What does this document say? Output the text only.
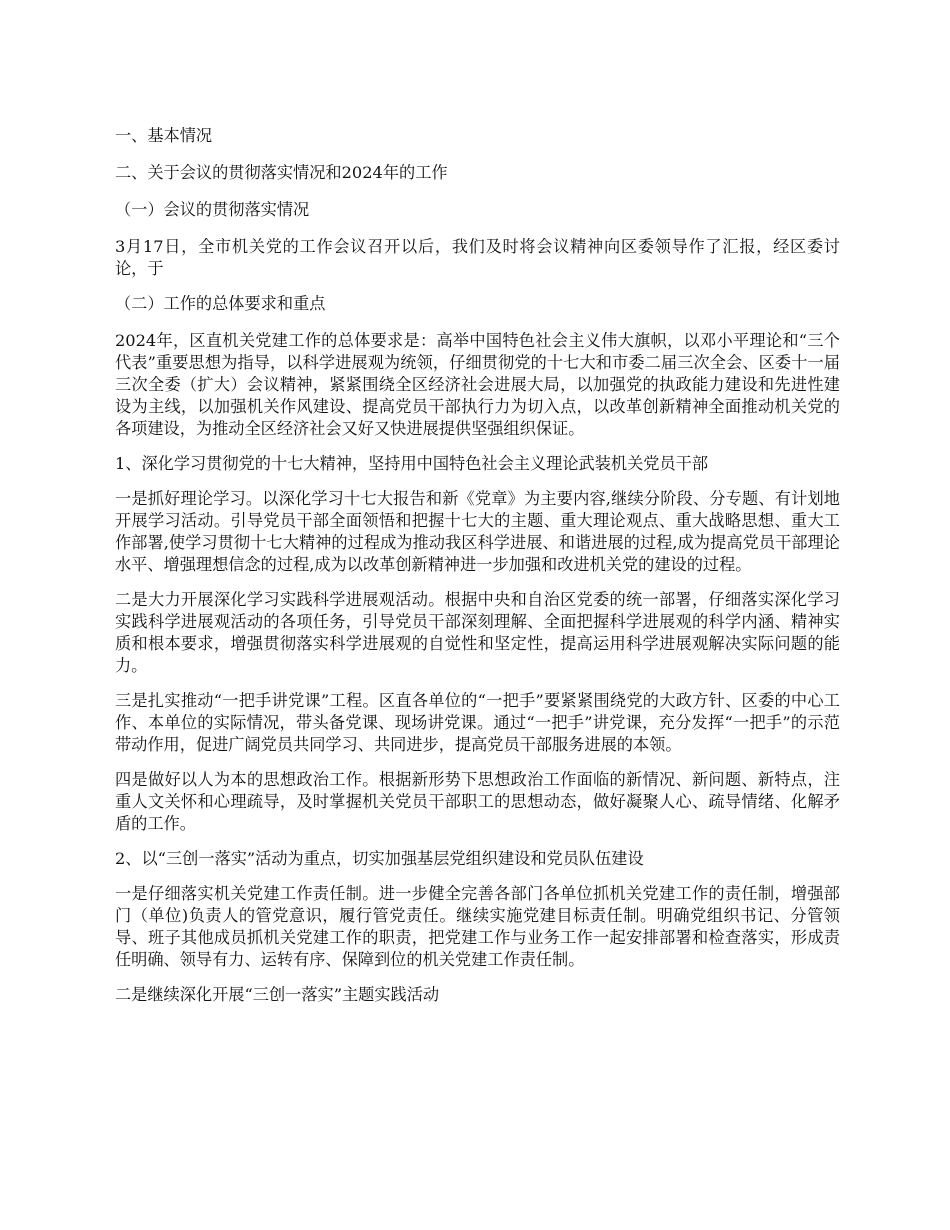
一、基本情况

二、关于会议的贯彻落实情况和2024年的工作

（一）会议的贯彻落实情况

3月17日，全市机关党的工作会议召开以后，我们及时将会议精神向区委领导作了汇报，经区委讨论，于

（二）工作的总体要求和重点

2024年，区直机关党建工作的总体要求是：高举中国特色社会主义伟大旗帜，以邓小平理论和“三个代表”重要思想为指导，以科学进展观为统领，仔细贯彻党的十七大和市委二届三次全会、区委十一届三次全委（扩大）会议精神，紧紧围绕全区经济社会进展大局，以加强党的执政能力建设和先进性建设为主线，以加强机关作风建设、提高党员干部执行力为切入点，以改革创新精神全面推动机关党的各项建设，为推动全区经济社会又好又快进展提供坚强组织保证。

1、深化学习贯彻党的十七大精神，坚持用中国特色社会主义理论武装机关党员干部

一是抓好理论学习。以深化学习十七大报告和新《党章》为主要内容,继续分阶段、分专题、有计划地开展学习活动。引导党员干部全面领悟和把握十七大的主题、重大理论观点、重大战略思想、重大工作部署,使学习贯彻十七大精神的过程成为推动我区科学进展、和谐进展的过程,成为提高党员干部理论水平、增强理想信念的过程,成为以改革创新精神进一步加强和改进机关党的建设的过程。

二是大力开展深化学习实践科学进展观活动。根据中央和自治区党委的统一部署，仔细落实深化学习实践科学进展观活动的各项任务，引导党员干部深刻理解、全面把握科学进展观的科学内涵、精神实质和根本要求，增强贯彻落实科学进展观的自觉性和坚定性，提高运用科学进展观解决实际问题的能力。

三是扎实推动“一把手讲党课”工程。区直各单位的“一把手”要紧紧围绕党的大政方针、区委的中心工作、本单位的实际情况，带头备党课、现场讲党课。通过“一把手”讲党课，充分发挥“一把手”的示范带动作用，促进广阔党员共同学习、共同进步，提高党员干部服务进展的本领。

四是做好以人为本的思想政治工作。根据新形势下思想政治工作面临的新情况、新问题、新特点，注重人文关怀和心理疏导，及时掌握机关党员干部职工的思想动态，做好凝聚人心、疏导情绪、化解矛盾的工作。

2、以“三创一落实”活动为重点，切实加强基层党组织建设和党员队伍建设

一是仔细落实机关党建工作责任制。进一步健全完善各部门各单位抓机关党建工作的责任制，增强部门（单位)负责人的管党意识，履行管党责任。继续实施党建目标责任制。明确党组织书记、分管领导、班子其他成员抓机关党建工作的职责，把党建工作与业务工作一起安排部署和检查落实，形成责任明确、领导有力、运转有序、保障到位的机关党建工作责任制。

二是继续深化开展“三创一落实”主题实践活动
